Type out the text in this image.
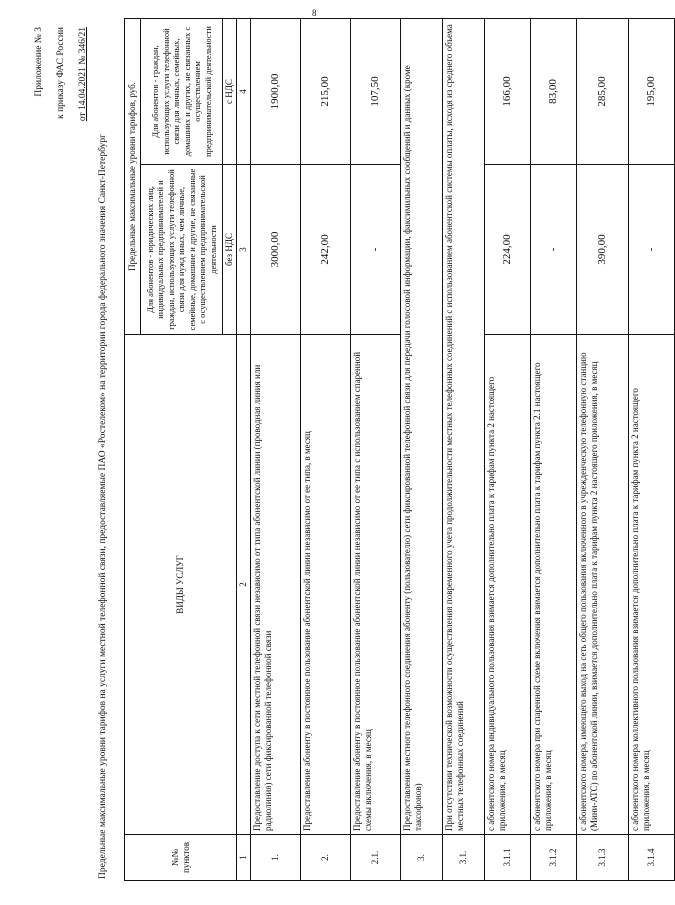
8
Приложение № 3 к приказу ФАС России от 14.04.2021 № 346/21
Предельные максимальные уровни тарифов на услуги местной телефонной связи, предоставляемые ПАО «Ростелеком» на территории города федерального значения Санкт-Петербург	№№ пунктов	ВИДЫ УСЛУГ	Предельные максимальные уровни тарифов, руб.	
		Для абонентов - юридических лиц, индивидуальных предпринимателей и граждан, использующих услуги телефонной связи для нужд иных, чем личные, семейные, домашние и другие, не связанные с осуществлением предпринимательской деятельности	Для абонентов - граждан, использующих услуги телефонной связи для личных, семейных, домашних и других, не связанных с осуществлением предпринимательской деятельности
		без НДС	с НДС
1	2	3	4
1.	Предоставление доступа к сети местной телефонной связи независимо от типа абонентской линии (проводная линия или радиолиния) сети фиксированной телефонной связи	3000,00	1900,00
2.	Предоставление абоненту в постоянное пользование абонентской линии независимо от ее типа, в месяц	242,00	215,00
2.1.	Предоставление абоненту в постоянное пользование абонентской линии независимо от ее типа с использованием спаренной схемы включения, в месяц	-	107,50
3.	Предоставление местного телефонного соединения абоненту (пользователю) сети фиксированной телефонной связи для передачи голосовой информации, факсимильных сообщений и данных (кроме таксофонов)		
3.1.	При отсутствии технической возможности осуществления повременного учета продолжительности местных телефонных соединений с использованием абонентской системы оплаты, исходя из среднего объема местных телефонных соединений		
3.1.1	с абонентского номера индивидуального пользования взимается дополнительно плата к тарифам пункта 2 настоящего приложения, в месяц	224,00	166,00
3.1.2	с абонентского номера при спаренной схеме включения взимается дополнительно плата к тарифам пункта 2.1 настоящего приложения, в месяц	-	83,00
3.1.3	с абонентского номера, имеющего выход на сеть общего пользования включенного в учрежденческую телефонную станцию (Мини-АТС) по абонентской линии, взимается дополнительно плата к тарифам пункта 2 настоящего приложения, в месяц	390,00	285,00
3.1.4	с абонентского номера коллективного пользования взимается дополнительно плата к тарифам пункта 2 настоящего приложения, в месяц	-	195,00
